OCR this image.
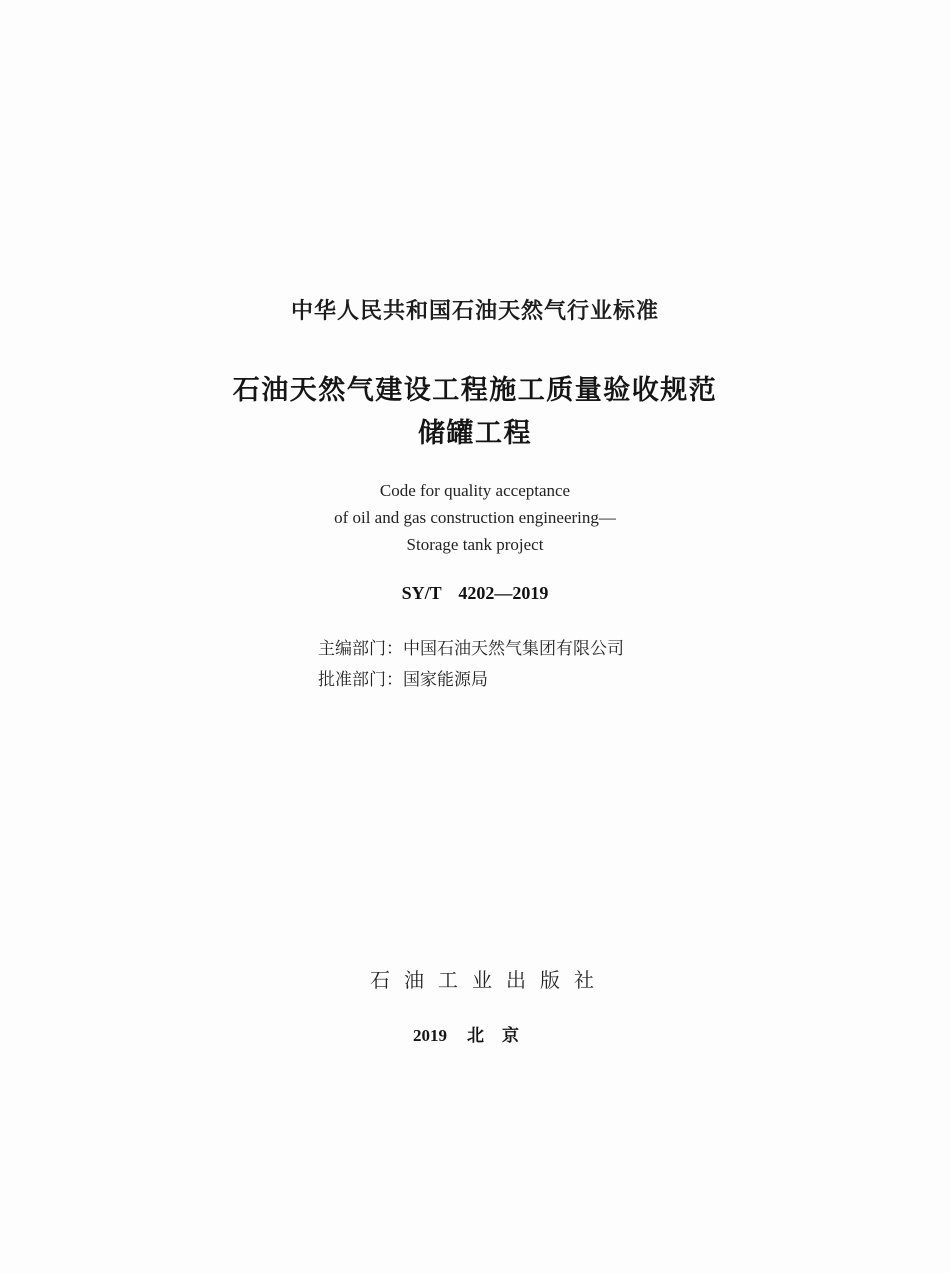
中华人民共和国石油天然气行业标准
石油天然气建设工程施工质量验收规范
储罐工程
Code for quality acceptance
of oil and gas construction engineering—
Storage tank project
SY/T  4202—2019
主编部门：中国石油天然气集团有限公司
批准部门：国家能源局
石油工业出版社
2019 北京
